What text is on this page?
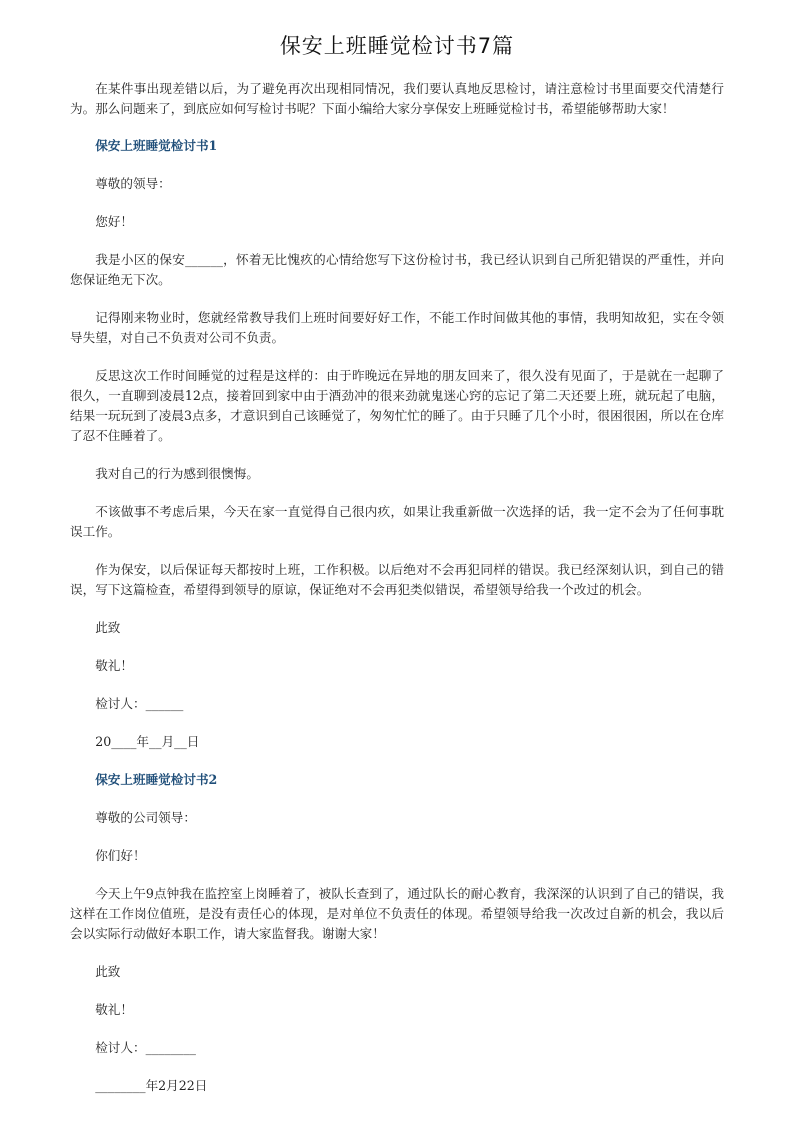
保安上班睡觉检讨书7篇

在某件事出现差错以后，为了避免再次出现相同情况，我们要认真地反思检讨，请注意检讨书里面要交代清楚行为。那么问题来了，到底应如何写检讨书呢？下面小编给大家分享保安上班睡觉检讨书，希望能够帮助大家！

保安上班睡觉检讨书1

尊敬的领导：

您好！

我是小区的保安______，怀着无比愧疚的心情给您写下这份检讨书，我已经认识到自己所犯错误的严重性，并向您保证绝无下次。

记得刚来物业时，您就经常教导我们上班时间要好好工作，不能工作时间做其他的事情，我明知故犯，实在令领导失望，对自己不负责对公司不负责。

反思这次工作时间睡觉的过程是这样的：由于昨晚远在异地的朋友回来了，很久没有见面了，于是就在一起聊了很久，一直聊到凌晨12点，接着回到家中由于酒劲冲的很来劲就鬼迷心窍的忘记了第二天还要上班，就玩起了电脑，结果一玩玩到了凌晨3点多，才意识到自己该睡觉了，匆匆忙忙的睡了。由于只睡了几个小时，很困很困，所以在仓库了忍不住睡着了。

我对自己的行为感到很懊悔。

不该做事不考虑后果，今天在家一直觉得自己很内疚，如果让我重新做一次选择的话，我一定不会为了任何事耽误工作。

作为保安，以后保证每天都按时上班，工作积极。以后绝对不会再犯同样的错误。我已经深刻认识，到自己的错误，写下这篇检查，希望得到领导的原谅，保证绝对不会再犯类似错误，希望领导给我一个改过的机会。

此致

敬礼！

检讨人：______

20____年__月__日

保安上班睡觉检讨书2

尊敬的公司领导：

你们好！

今天上午9点钟我在监控室上岗睡着了，被队长查到了，通过队长的耐心教育，我深深的认识到了自己的错误，我这样在工作岗位值班，是没有责任心的体现，是对单位不负责任的体现。希望领导给我一次改过自新的机会，我以后会以实际行动做好本职工作，请大家监督我。谢谢大家！

此致

敬礼！

检讨人：________

________年2月22日
